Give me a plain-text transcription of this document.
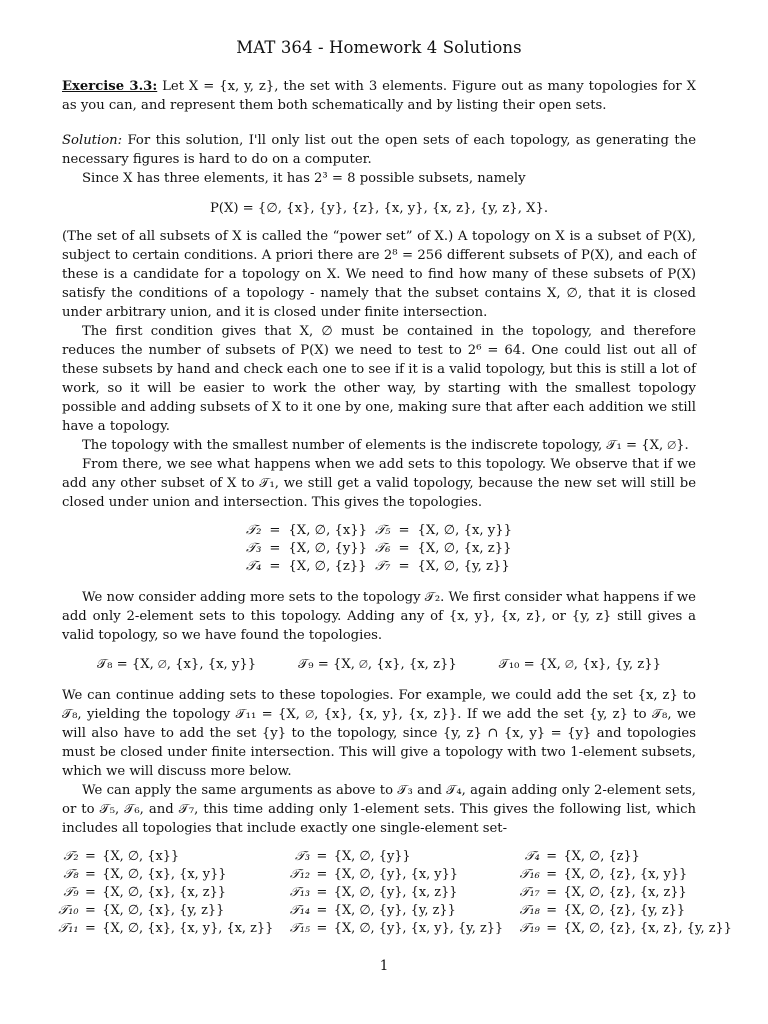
MAT 364 - Homework 4 Solutions

Exercise 3.3: Let X = {x, y, z}, the set with 3 elements. Figure out as many topologies for X as you can, and represent them both schematically and by listing their open sets.

Solution: For this solution, I'll only list out the open sets of each topology, as generating the necessary figures is hard to do on a computer.

Since X has three elements, it has 2³ = 8 possible subsets, namely

P(X) = {∅, {x}, {y}, {z}, {x, y}, {x, z}, {y, z}, X}.

(The set of all subsets of X is called the “power set” of X.) A topology on X is a subset of P(X), subject to certain conditions. A priori there are 2⁸ = 256 different subsets of P(X), and each of these is a candidate for a topology on X. We need to find how many of these subsets of P(X) satisfy the conditions of a topology - namely that the subset contains X, ∅, that it is closed under arbitrary union, and it is closed under finite intersection.

The first condition gives that X, ∅ must be contained in the topology, and therefore reduces the number of subsets of P(X) we need to test to 2⁶ = 64. One could list out all of these subsets by hand and check each one to see if it is a valid topology, but this is still a lot of work, so it will be easier to work the other way, by starting with the smallest topology possible and adding subsets of X to it one by one, making sure that after each addition we still have a topology.

The topology with the smallest number of elements is the indiscrete topology, 𝒯₁ = {X, ∅}.

From there, we see what happens when we add sets to this topology. We observe that if we add any other subset of X to 𝒯₁, we still get a valid topology, because the new set will still be closed under union and intersection. This gives the topologies.

𝒯₂	=	{X, ∅, {x}}	𝒯₅	=	{X, ∅, {x, y}}
𝒯₃	=	{X, ∅, {y}}	𝒯₆	=	{X, ∅, {x, z}}
𝒯₄	=	{X, ∅, {z}}	𝒯₇	=	{X, ∅, {y, z}}

We now consider adding more sets to the topology 𝒯₂. We first consider what happens if we add only 2-element sets to this topology. Adding any of {x, y}, {x, z}, or {y, z} still gives a valid topology, so we have found the topologies.

𝒯₈ = {X, ∅, {x}, {x, y}}	𝒯₉ = {X, ∅, {x}, {x, z}}	𝒯₁₀ = {X, ∅, {x}, {y, z}}

We can continue adding sets to these topologies. For example, we could add the set {x, z} to 𝒯₈, yielding the topology 𝒯₁₁ = {X, ∅, {x}, {x, y}, {x, z}}. If we add the set {y, z} to 𝒯₈, we will also have to add the set {y} to the topology, since {y, z} ∩ {x, y} = {y} and topologies must be closed under finite intersection. This will give a topology with two 1-element subsets, which we will discuss more below.

We can apply the same arguments as above to 𝒯₃ and 𝒯₄, again adding only 2-element sets, or to 𝒯₅, 𝒯₆, and 𝒯₇, this time adding only 1-element sets. This gives the following list, which includes all topologies that include exactly one single-element set-

𝒯₂	=	{X, ∅, {x}}	𝒯₃	=	{X, ∅, {y}}	𝒯₄	=	{X, ∅, {z}}
𝒯₈	=	{X, ∅, {x}, {x, y}}	𝒯₁₂	=	{X, ∅, {y}, {x, y}}	𝒯₁₆	=	{X, ∅, {z}, {x, y}}
𝒯₉	=	{X, ∅, {x}, {x, z}}	𝒯₁₃	=	{X, ∅, {y}, {x, z}}	𝒯₁₇	=	{X, ∅, {z}, {x, z}}
𝒯₁₀	=	{X, ∅, {x}, {y, z}}	𝒯₁₄	=	{X, ∅, {y}, {y, z}}	𝒯₁₈	=	{X, ∅, {z}, {y, z}}
𝒯₁₁	=	{X, ∅, {x}, {x, y}, {x, z}}	𝒯₁₅	=	{X, ∅, {y}, {x, y}, {y, z}}	𝒯₁₉	=	{X, ∅, {z}, {x, z}, {y, z}}
1
